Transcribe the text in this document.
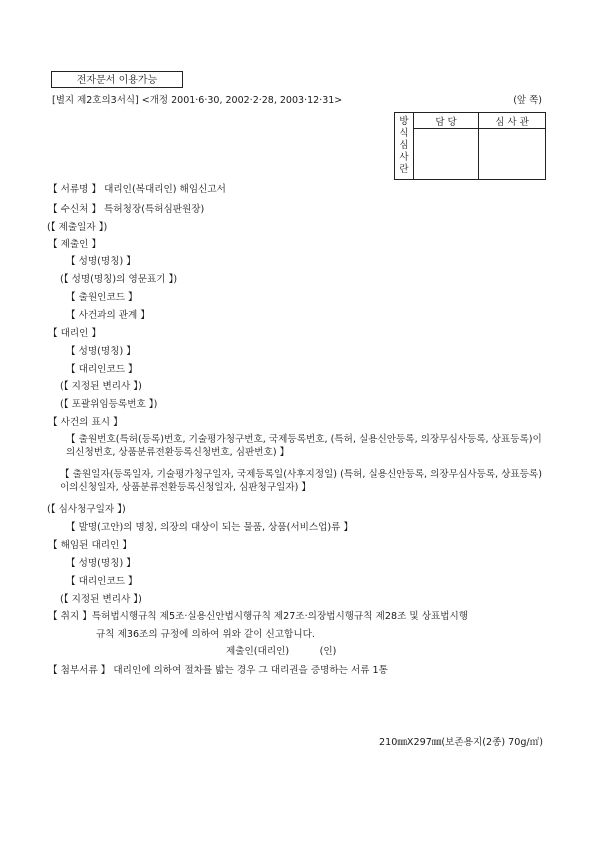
전자문서 이용가능
[별지 제2호의3서식] <개정 2001·6·30, 2002·2·28, 2003·12·31>	(앞 쪽)
방
식
심
사
란	담 당	심 사 관

【 서류명 】 대리인(복대리인) 해임신고서
【 수신처 】 특허청장(특허심판원장)
(【 제출일자 】)
【 제출인 】
【 성명(명칭) 】
(【 성명(명칭)의 영문표기 】)
【 출원인코드 】
【 사건과의 관계 】
【 대리인 】
【 성명(명칭) 】
【 대리인코드 】
(【 지정된 변리사 】)
(【 포괄위임등록번호 】)
【 사건의 표시 】
【 출원번호(특허(등록)번호, 기술평가청구번호, 국제등록번호, (특허, 실용신안등록, 의장무심사등록, 상표등록)이의신청번호, 상품분류전환등록신청번호, 심판번호) 】
【 출원일자(등록일자, 기술평가청구일자, 국제등록일(사후지정일) (특허, 실용신안등록, 의장무심사등록, 상표등록)이의신청일자, 상품분류전환등록신청일자, 심판청구일자) 】
(【 심사청구일자 】)
【 발명(고안)의 명칭, 의장의 대상이 되는 물품, 상품(서비스업)류 】
【 해임된 대리인 】
【 성명(명칭) 】
【 대리인코드 】
(【 지정된 변리사 】)
【 취지 】특허법시행규칙 제5조·실용신안법시행규칙 제27조·의장법시행규칙 제28조 및 상표법시행
규칙 제36조의 규정에 의하여 위와 같이 신고합니다.
제출인(대리인)          (인)
【 첨부서류 】 대리인에 의하여 절차를 밟는 경우 그 대리권을 증명하는 서류 1통
210㎜X297㎜(보존용지(2종) 70g/㎡)
